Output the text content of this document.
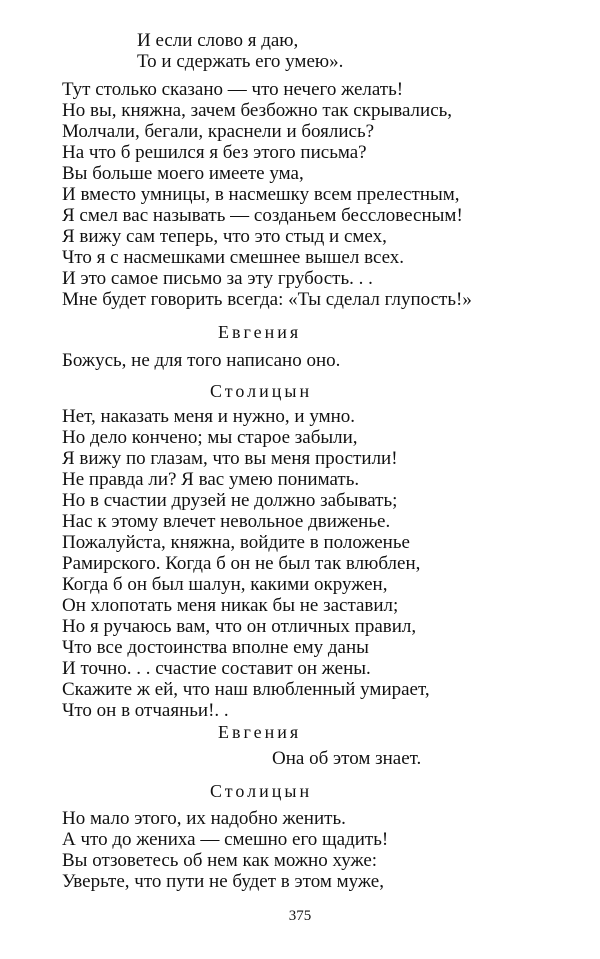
И если слово я даю,
То и сдержать его умею».
Тут столько сказано — что нечего желать!
Но вы, княжна, зачем безбожно так скрывались,
Молчали, бегали, краснели и боялись?
На что б решился я без этого письма?
Вы больше моего имеете ума,
И вместо умницы, в насмешку всем прелестным,
Я смел вас называть — созданьем бессловесным!
Я вижу сам теперь, что это стыд и смех,
Что я с насмешками смешнее вышел всех.
И это самое письмо за эту грубость. . .
Мне будет говорить всегда: «Ты сделал глупость!»
Евгения
Божусь, не для того написано оно.
Столицын
Нет, наказать меня и нужно, и умно.
Но дело кончено; мы старое забыли,
Я вижу по глазам, что вы меня простили!
Не правда ли? Я вас умею понимать.
Но в счастии друзей не должно забывать;
Нас к этому влечет невольное движенье.
Пожалуйста, княжна, войдите в положенье
Рамирского. Когда б он не был так влюблен,
Когда б он был шалун, какими окружен,
Он хлопотать меня никак бы не заставил;
Но я ручаюсь вам, что он отличных правил,
Что все достоинства вполне ему даны
И точно. . . счастие составит он жены.
Скажите ж ей, что наш влюбленный умирает,
Что он в отчаяньи!. .
Евгения
Она об этом знает.
Столицын
Но мало этого, их надобно женить.
А что до жениха — смешно его щадить!
Вы отзоветесь об нем как можно хуже:
Уверьте, что пути не будет в этом муже,
375
